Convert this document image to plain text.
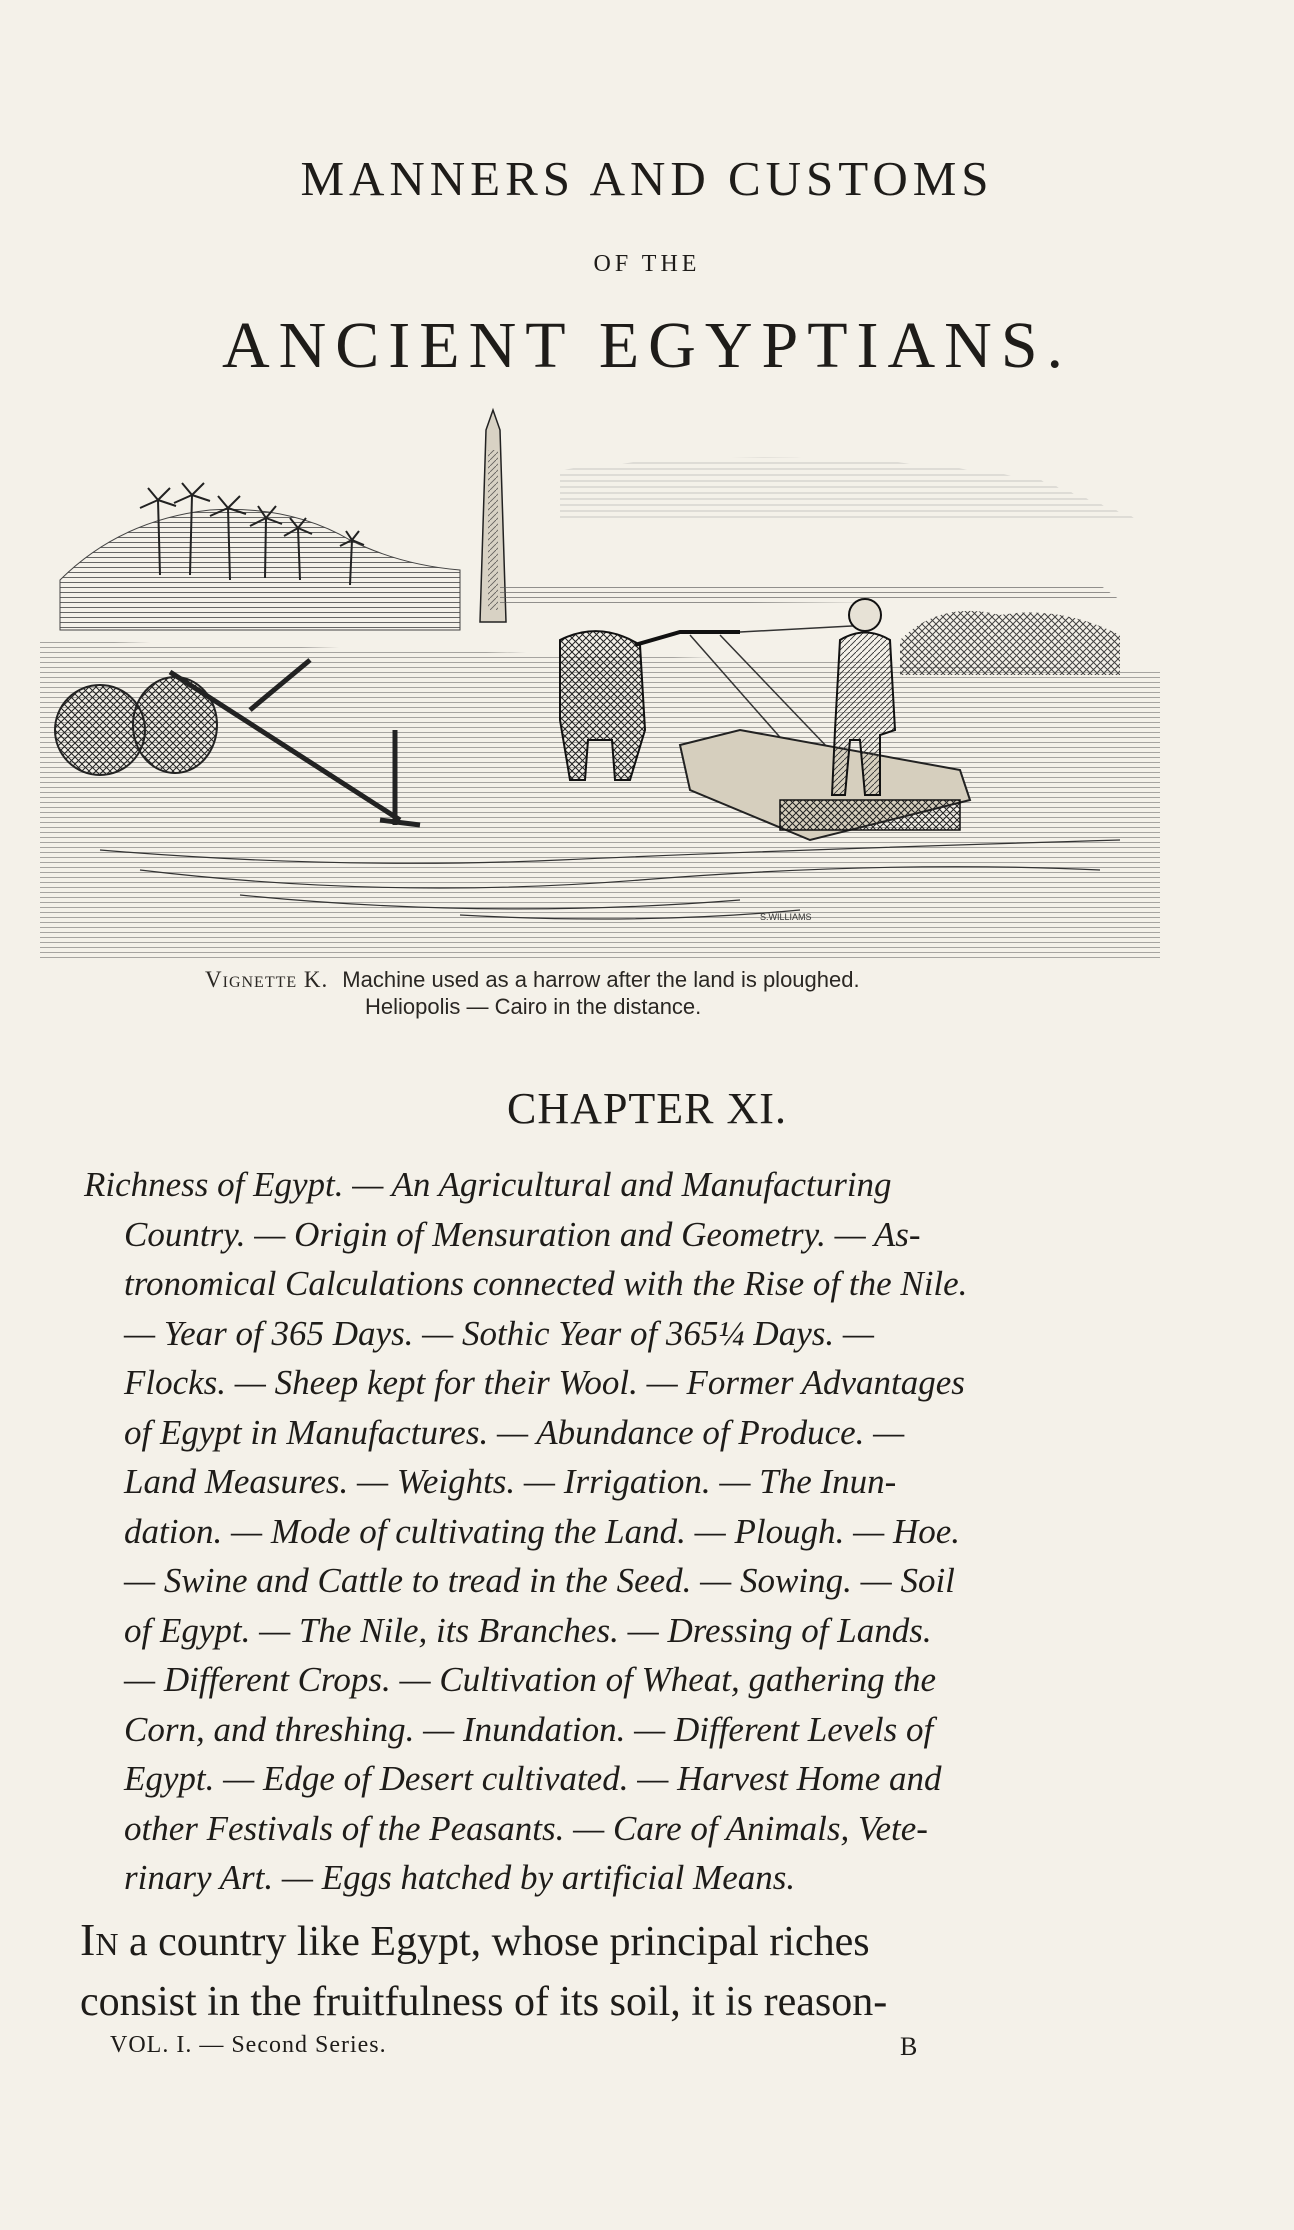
MANNERS AND CUSTOMS
OF THE
ANCIENT EGYPTIANS.
S.WILLIAMS
Vignette K. Machine used as a harrow after the land is ploughed.
Heliopolis — Cairo in the distance.
CHAPTER XI.
Richness of Egypt. — An Agricultural and Manufacturing
Country. — Origin of Mensuration and Geometry. — As-
tronomical Calculations connected with the Rise of the Nile.
— Year of 365 Days. — Sothic Year of 365¼ Days. —
Flocks. — Sheep kept for their Wool. — Former Advantages
of Egypt in Manufactures. — Abundance of Produce. —
Land Measures. — Weights. — Irrigation. — The Inun-
dation. — Mode of cultivating the Land. — Plough. — Hoe.
— Swine and Cattle to tread in the Seed. — Sowing. — Soil
of Egypt. — The Nile, its Branches. — Dressing of Lands.
— Different Crops. — Cultivation of Wheat, gathering the
Corn, and threshing. — Inundation. — Different Levels of
Egypt. — Edge of Desert cultivated. — Harvest Home and
other Festivals of the Peasants. — Care of Animals, Vete-
rinary Art. — Eggs hatched by artificial Means.
In a country like Egypt, whose principal riches
consist in the fruitfulness of its soil, it is reason-
VOL. I. — Second Series.	B
